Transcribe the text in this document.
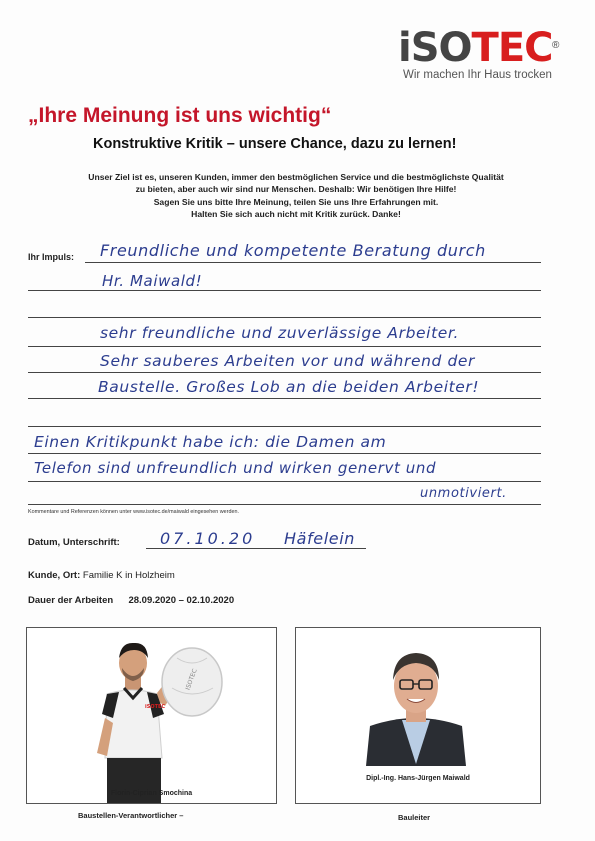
iSOTEC ®
Wir machen Ihr Haus trocken
„Ihre Meinung ist uns wichtig“
Konstruktive Kritik – unsere Chance, dazu zu lernen!
Unser Ziel ist es, unseren Kunden, immer den bestmöglichen Service und die bestmöglichste Qualität
zu bieten, aber auch wir sind nur Menschen. Deshalb: Wir benötigen Ihre Hilfe!
Sagen Sie uns bitte Ihre Meinung, teilen Sie uns Ihre Erfahrungen mit.
Halten Sie sich auch nicht mit Kritik zurück. Danke!
Ihr Impuls: Freundliche und kompetente Beratung durch
Hr. Maiwald!
sehr freundliche und zuverlässige Arbeiter.
Sehr sauberes Arbeiten vor und während der
Baustelle. Großes Lob an die beiden Arbeiter!
Einen Kritikpunkt habe ich: die Damen am
Telefon sind unfreundlich und wirken genervt und
unmotiviert.
Kommentare und Referenzen können unter www.isotec.de/maiwald eingesehen werden.
Datum, Unterschrift:	07.10.20 Häfelein
Kunde, Ort: Familie K in Holzheim
Dauer der Arbeiten 28.09.2020 – 02.10.2020
ISOTEC
iSOTEC
Florin-Ciprian Smochina
Baustellen-Verantwortlicher –
Dipl.-Ing. Hans-Jürgen Maiwald
Bauleiter
